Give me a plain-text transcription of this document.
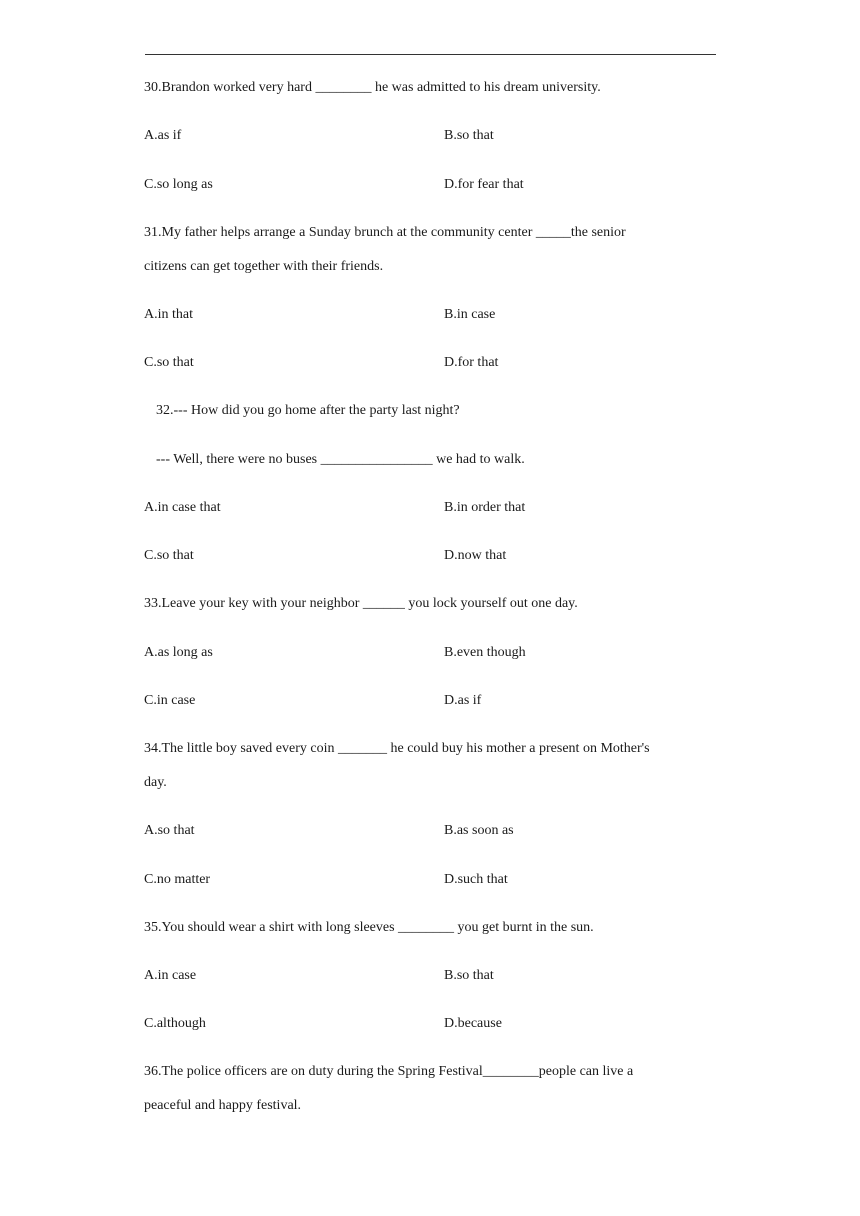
30.Brandon worked very hard ________ he was admitted to his dream university.
A.as if	B.so that
C.so long as	D.for fear that
31.My father helps arrange a Sunday brunch at the community center _____the senior
citizens can get together with their friends.
A.in that	B.in case
C.so that	D.for that
32.--- How did you go home after the party last night?
--- Well, there were no buses ________________ we had to walk.
A.in case that	B.in order that
C.so that	D.now that
33.Leave your key with your neighbor ______ you lock yourself out one day.
A.as long as	B.even though
C.in case	D.as if
34.The little boy saved every coin _______ he could buy his mother a present on Mother's
day.
A.so that	B.as soon as
C.no matter	D.such that
35.You should wear a shirt with long sleeves ________ you get burnt in the sun.
A.in case	B.so that
C.although	D.because
36.The police officers are on duty during the Spring Festival________people can live a
peaceful and happy festival.
